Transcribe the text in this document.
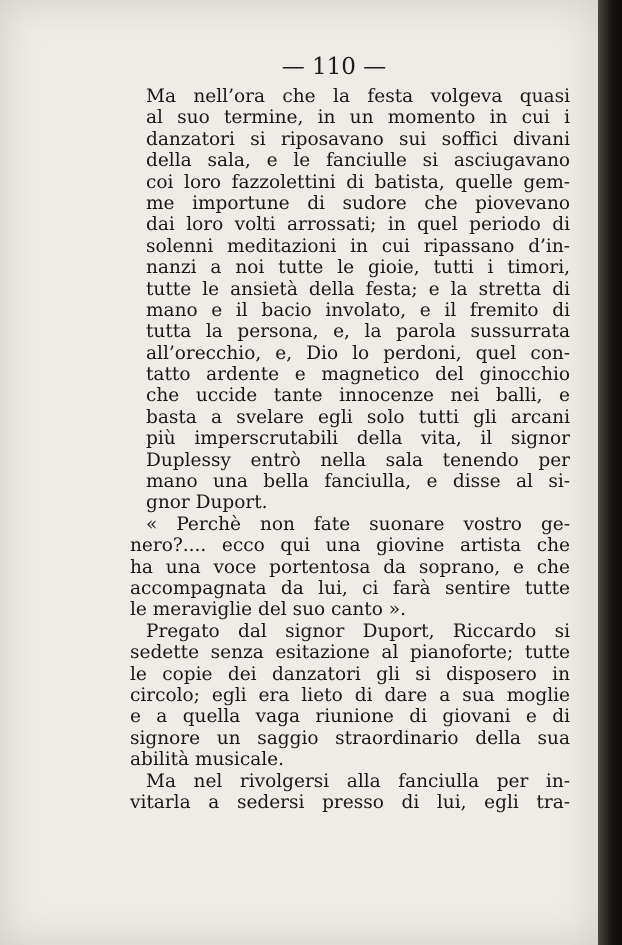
— 110 —
Ma nell’ora che la festa volgeva quasi
al suo termine, in un momento in cui i
danzatori si riposavano sui soffici divani
della sala, e le fanciulle si asciugavano
coi loro fazzolettini di batista, quelle gem-
me importune di sudore che piovevano
dai loro volti arrossati; in quel periodo di
solenni meditazioni in cui ripassano d’in-
nanzi a noi tutte le gioie, tutti i timori,
tutte le ansietà della festa; e la stretta di
mano e il bacio involato, e il fremito di
tutta la persona, e, la parola sussurrata
all’orecchio, e, Dio lo perdoni, quel con-
tatto ardente e magnetico del ginocchio
che uccide tante innocenze nei balli, e
basta a svelare egli solo tutti gli arcani
più imperscrutabili della vita, il signor
Duplessy entrò nella sala tenendo per
mano una bella fanciulla, e disse al si-
gnor Duport.
« Perchè non fate suonare vostro ge-
nero?.... ecco qui una giovine artista che
ha una voce portentosa da soprano, e che
accompagnata da lui, ci farà sentire tutte
le meraviglie del suo canto ».
Pregato dal signor Duport, Riccardo si
sedette senza esitazione al pianoforte; tutte
le copie dei danzatori gli si disposero in
circolo; egli era lieto di dare a sua moglie
e a quella vaga riunione di giovani e di
signore un saggio straordinario della sua
abilità musicale.
Ma nel rivolgersi alla fanciulla per in-
vitarla a sedersi presso di lui, egli tra-
